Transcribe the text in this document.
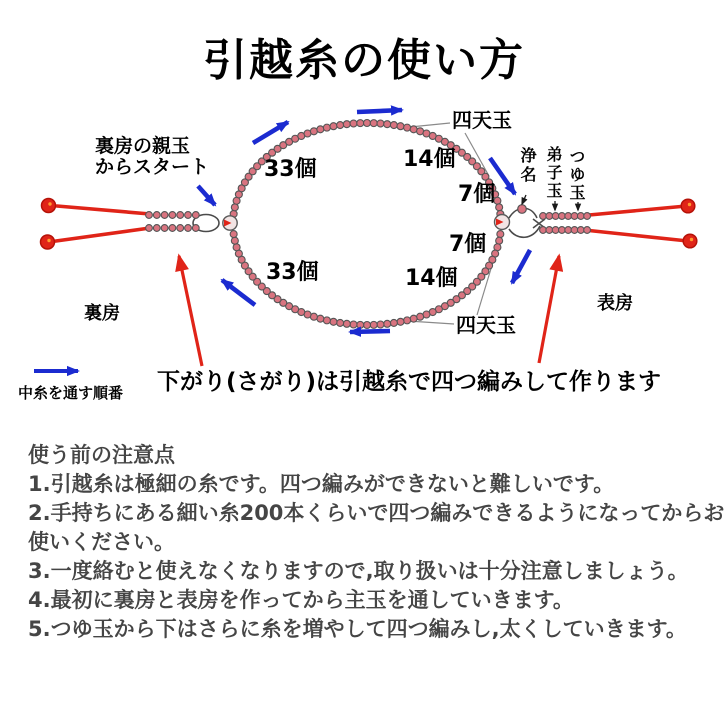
引越糸の使い方
裏房の親玉
からスタート 33個	14個
7個
7個
33個	14個
四天玉
四天玉
浄名 弟子玉 つゆ玉
裏房	表房
下がり(さがり)は引越糸で四つ編みして作ります
中糸を通す順番
使う前の注意点
1.引越糸は極細の糸です。四つ編みができないと難しいです。
2.手持ちにある細い糸200本くらいで四つ編みできるようになってからお
使いください。
3.一度絡むと使えなくなりますので,取り扱いは十分注意しましょう。
4.最初に裏房と表房を作ってから主玉を通していきます。
5.つゆ玉から下はさらに糸を増やして四つ編みし,太くしていきます。
